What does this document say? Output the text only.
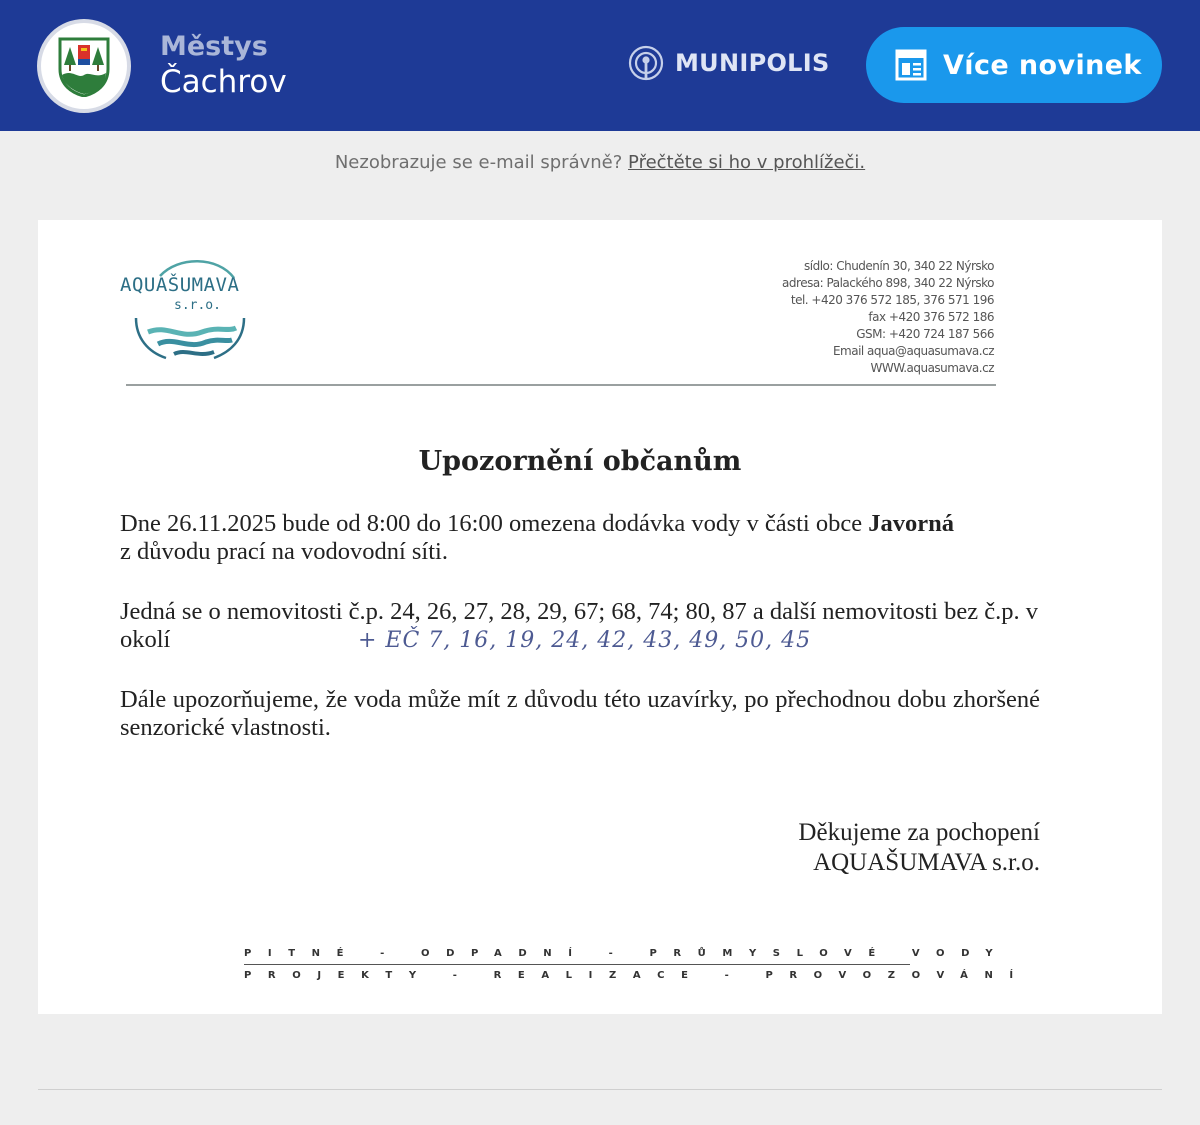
Městys
Čachrov
MUNIPOLIS	Více novinek
Nezobrazuje se e-mail správně? Přečtěte si ho v prohlížeči.
AQUAŠUMAVA
s.r.o.
sídlo: Chudenín 30, 340 22 Nýrsko
adresa: Palackého 898, 340 22 Nýrsko
tel. +420 376 572 185, 376 571 196
fax +420 376 572 186
GSM: +420 724 187 566
Email aqua@aquasumava.cz
WWW.aquasumava.cz
Upozornění občanům
Dne 26.11.2025 bude od 8:00 do 16:00 omezena dodávka vody v části obce Javorná
z důvodu prací na vodovodní síti.
Jedná se o nemovitosti č.p. 24, 26, 27, 28, 29, 67; 68, 74; 80, 87 a další nemovitosti bez č.p. v okolí	+ EČ 7, 16, 19, 24, 42, 43, 49, 50, 45
Dále upozorňujeme, že voda může mít z důvodu této uzavírky, po přechodnou dobu zhoršené senzorické vlastnosti.
Děkujeme za pochopení
AQUAŠUMAVA s.r.o.
PITNÉ - ODPADNÍ - PRŮMYSLOVÉ VODY
PROJEKTY - REALIZACE - PROVOZOVÁNÍ
